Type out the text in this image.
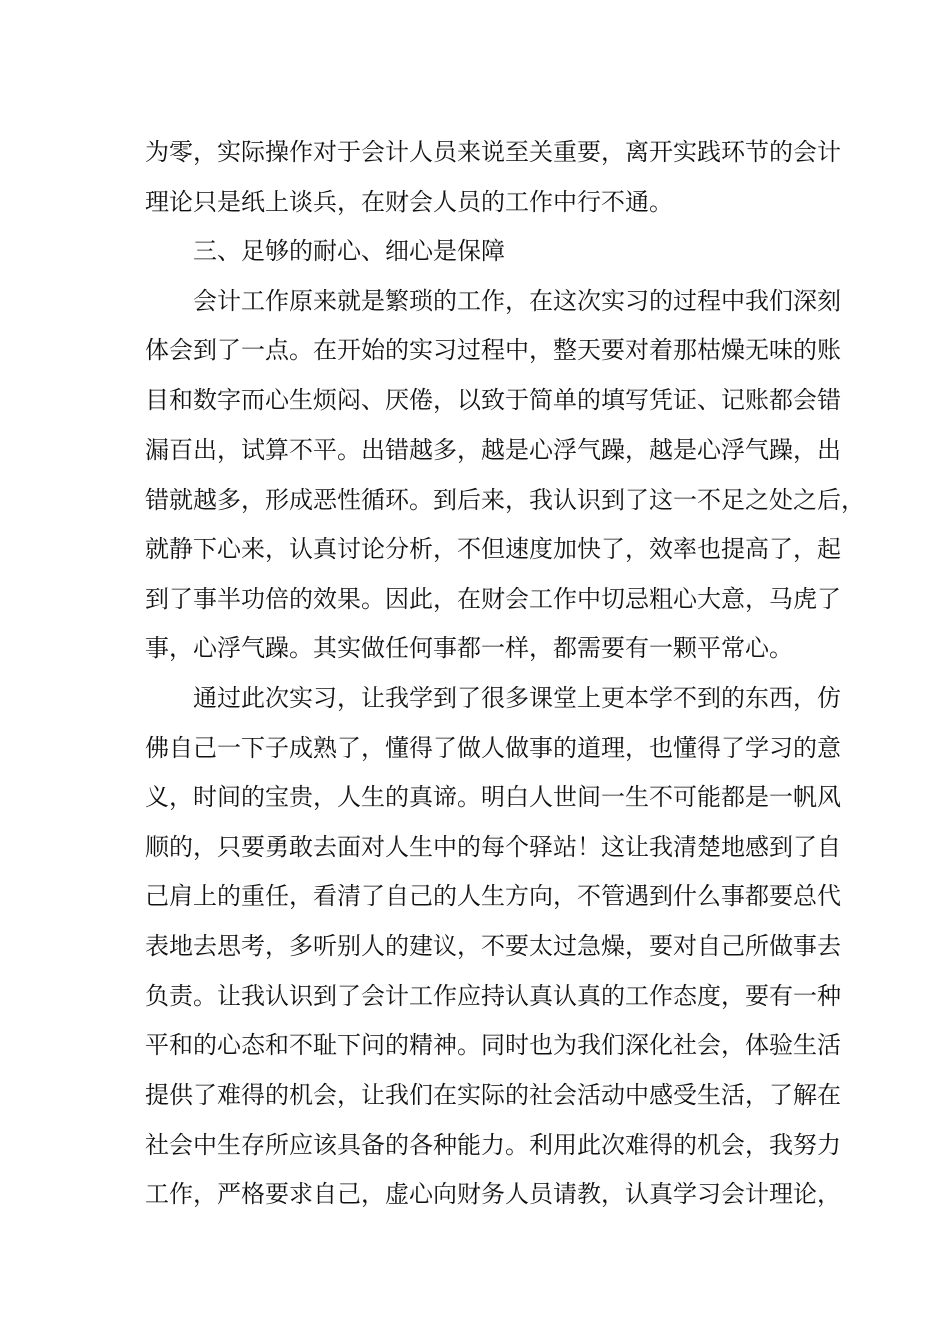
为零，实际操作对于会计人员来说至关重要，离开实践环节的会计
理论只是纸上谈兵，在财会人员的工作中行不通。
三、足够的耐心、细心是保障
会计工作原来就是繁琐的工作，在这次实习的过程中我们深刻
体会到了一点。在开始的实习过程中，整天要对着那枯燥无味的账
目和数字而心生烦闷、厌倦，以致于简单的填写凭证、记账都会错
漏百出，试算不平。出错越多，越是心浮气躁，越是心浮气躁，出
错就越多，形成恶性循环。到后来，我认识到了这一不足之处之后，
就静下心来，认真讨论分析，不但速度加快了，效率也提高了，起
到了事半功倍的效果。因此，在财会工作中切忌粗心大意，马虎了
事，心浮气躁。其实做任何事都一样，都需要有一颗平常心。
通过此次实习，让我学到了很多课堂上更本学不到的东西，仿
佛自己一下子成熟了，懂得了做人做事的道理，也懂得了学习的意
义，时间的宝贵，人生的真谛。明白人世间一生不可能都是一帆风
顺的，只要勇敢去面对人生中的每个驿站！这让我清楚地感到了自
己肩上的重任，看清了自己的人生方向，不管遇到什么事都要总代
表地去思考，多听别人的建议，不要太过急燥，要对自己所做事去
负责。让我认识到了会计工作应持认真认真的工作态度，要有一种
平和的心态和不耻下问的精神。同时也为我们深化社会，体验生活
提供了难得的机会，让我们在实际的社会活动中感受生活，了解在
社会中生存所应该具备的各种能力。利用此次难得的机会，我努力
工作，严格要求自己，虚心向财务人员请教，认真学习会计理论，
